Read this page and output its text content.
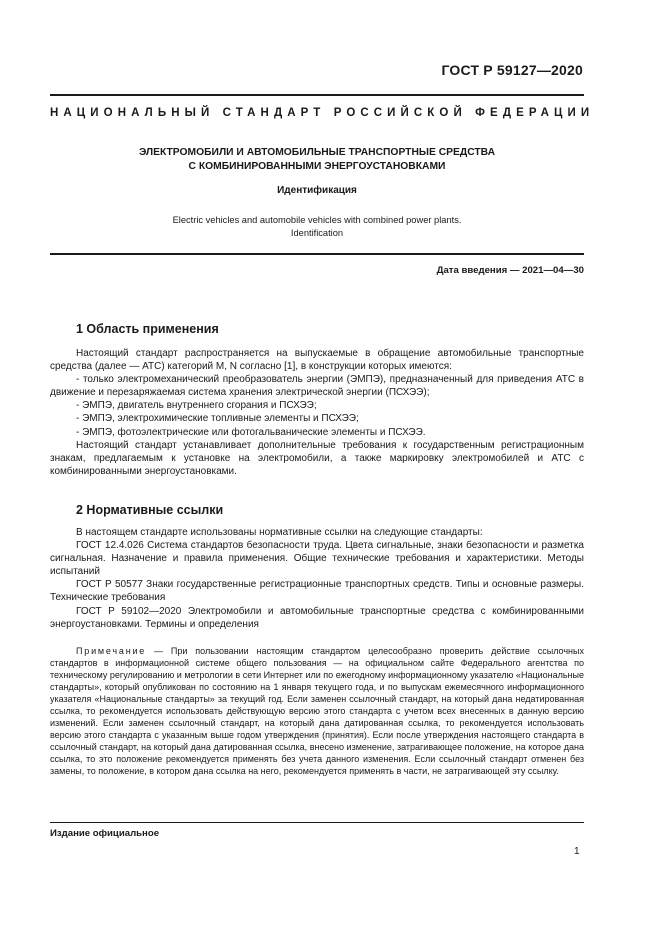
ГОСТ Р 59127—2020
НАЦИОНАЛЬНЫЙ СТАНДАРТ РОССИЙСКОЙ ФЕДЕРАЦИИ
ЭЛЕКТРОМОБИЛИ И АВТОМОБИЛЬНЫЕ ТРАНСПОРТНЫЕ СРЕДСТВА
С КОМБИНИРОВАННЫМИ ЭНЕРГОУСТАНОВКАМИ
Идентификация
Electric vehicles and automobile vehicles with combined power plants.
Identification
Дата введения — 2021—04—30
1 Область применения

Настоящий стандарт распространяется на выпускаемые в обращение автомобильные транспортные средства (далее — АТС) категорий М, N согласно [1], в конструкции которых имеются:

- только электромеханический преобразователь энергии (ЭМПЭ), предназначенный для приведения АТС в движение и перезаряжаемая система хранения электрической энергии (ПСХЭЭ);

- ЭМПЭ, двигатель внутреннего сгорания и ПСХЭЭ;

- ЭМПЭ, электрохимические топливные элементы и ПСХЭЭ;

- ЭМПЭ, фотоэлектрические или фотогальванические элементы и ПСХЭЭ.

Настоящий стандарт устанавливает дополнительные требования к государственным регистрационным знакам, предлагаемым к установке на электромобили, а также маркировку электромобилей и АТС с комбинированными энергоустановками.

2 Нормативные ссылки

В настоящем стандарте использованы нормативные ссылки на следующие стандарты:

ГОСТ 12.4.026 Система стандартов безопасности труда. Цвета сигнальные, знаки безопасности и разметка сигнальная. Назначение и правила применения. Общие технические требования и характеристики. Методы испытаний

ГОСТ Р 50577 Знаки государственные регистрационные транспортных средств. Типы и основные размеры. Технические требования

ГОСТ Р 59102—2020 Электромобили и автомобильные транспортные средства с комбинированными энергоустановками. Термины и определения

Примечание — При пользовании настоящим стандартом целесообразно проверить действие ссылочных стандартов в информационной системе общего пользования — на официальном сайте Федерального агентства по техническому регулированию и метрологии в сети Интернет или по ежегодному информационному указателю «Национальные стандарты», который опубликован по состоянию на 1 января текущего года, и по выпускам ежемесячного информационного указателя «Национальные стандарты» за текущий год. Если заменен ссылочный стандарт, на который дана недатированная ссылка, то рекомендуется использовать действующую версию этого стандарта с учетом всех внесенных в данную версию изменений. Если заменен ссылочный стандарт, на который дана датированная ссылка, то рекомендуется использовать версию этого стандарта с указанным выше годом утверждения (принятия). Если после утверждения настоящего стандарта в ссылочный стандарт, на который дана датированная ссылка, внесено изменение, затрагивающее положение, на которое дана ссылка, то это положение рекомендуется применять без учета данного изменения. Если ссылочный стандарт отменен без замены, то положение, в котором дана ссылка на него, рекомендуется применять в части, не затрагивающей эту ссылку.

Издание официальное
1
